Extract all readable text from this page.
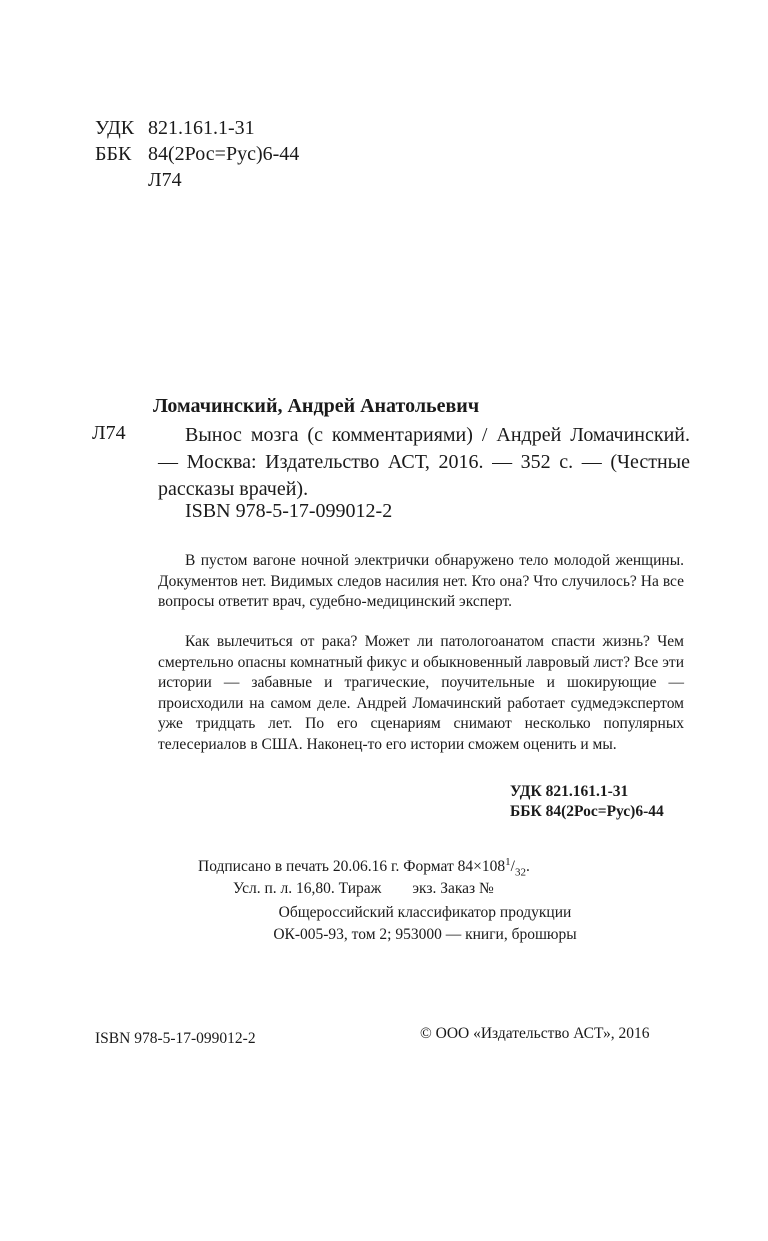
УДК 821.161.1-31
ББК 84(2Рос=Рус)6-44
Л74
Ломачинский, Андрей Анатольевич
Л74	Вынос мозга (с комментариями) / Андрей Ломачинский. — Москва: Издательство АСТ, 2016. — 352 с. — (Честные рассказы врачей).

ISBN 978-5-17-099012-2

В пустом вагоне ночной электрички обнаружено тело молодой женщины. Документов нет. Видимых следов насилия нет. Кто она? Что случилось? На все вопросы ответит врач, судебно-медицинский эксперт.

Как вылечиться от рака? Может ли патологоанатом спасти жизнь? Чем смертельно опасны комнатный фикус и обыкновенный лавровый лист? Все эти истории — забавные и трагические, поучительные и шокирующие — происходили на самом деле. Андрей Ломачинский работает судмедэкспертом уже тридцать лет. По его сценариям снимают несколько популярных телесериалов в США. Наконец-то его истории сможем оценить и мы.

УДК 821.161.1-31
ББК 84(2Рос=Рус)6-44
Подписано в печать 20.06.16 г. Формат $84\times 108^1/_{32}$.
Усл. п. л. 16,80. Тираж        экз. Заказ №
Общероссийский классификатор продукции
ОК-005-93, том 2; 953000 — книги, брошюры
ISBN 978-5-17-099012-2	© ООО «Издательство АСТ», 2016
